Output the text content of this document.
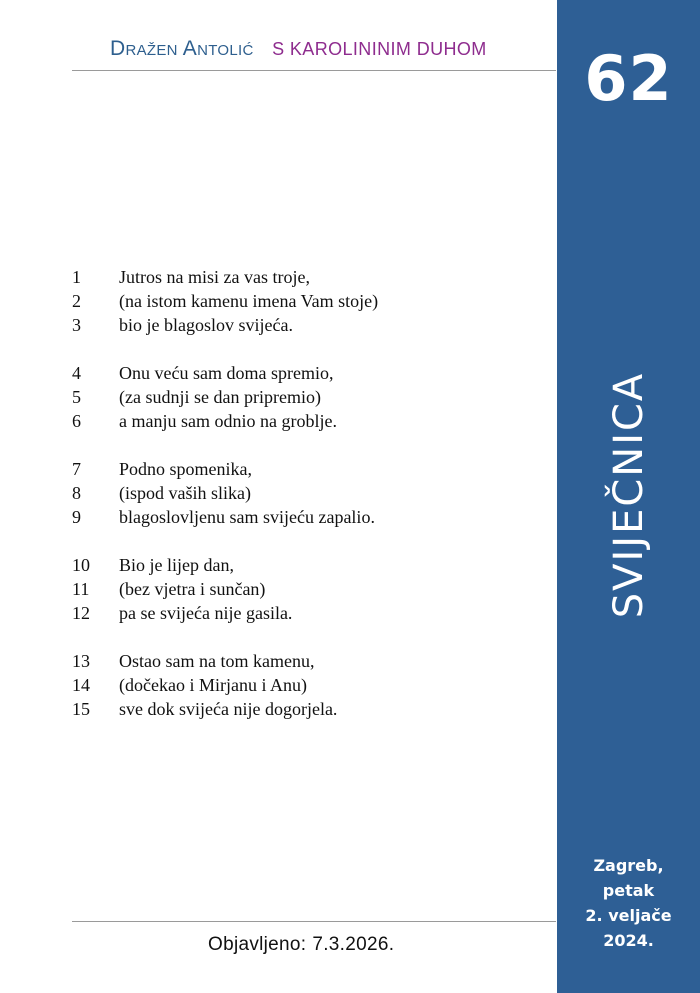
Dražen Antolić S KAROLININIM DUHOM
1	Jutros na misi za vas troje,
2	(na istom kamenu imena Vam stoje)
3	bio je blagoslov svijeća.
4	Onu veću sam doma spremio,
5	(za sudnji se dan pripremio)
6	a manju sam odnio na groblje.
7	Podno spomenika,
8	(ispod vaših slika)
9	blagoslovljenu sam svijeću zapalio.
10	Bio je lijep dan,
11	(bez vjetra i sunčan)
12	pa se svijeća nije gasila.
13	Ostao sam na tom kamenu,
14	(dočekao i Mirjanu i Anu)
15	sve dok svijeća nije dogorjela.
Objavljeno: 7.3.2026.
62
SVIJEČNICA
Zagreb,
petak
2. veljače
2024.
